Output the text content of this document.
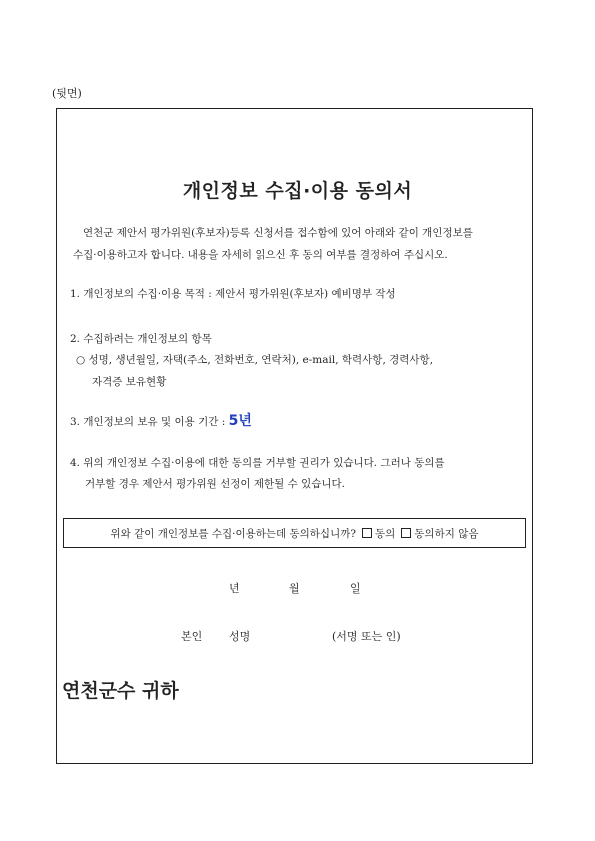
(뒷면)
개인정보 수집·이용 동의서
연천군 제안서 평가위원(후보자)등록 신청서를 접수함에 있어 아래와 같이 개인정보를
수집·이용하고자 합니다. 내용을 자세히 읽으신 후 동의 여부를 결정하여 주십시오.
1. 개인정보의 수집·이용 목적 : 제안서 평가위원(후보자) 예비명부 작성
2. 수집하려는 개인정보의 항목
○ 성명, 생년월일, 자택(주소, 전화번호, 연락처), e-mail, 학력사항, 경력사항,
자격증 보유현황
3. 개인정보의 보유 및 이용 기간 : 5년
4. 위의 개인정보 수집·이용에 대한 동의를 거부할 권리가 있습니다. 그러나 동의를
거부할 경우 제안서 평가위원 선정이 제한될 수 있습니다.
위와 같이 개인정보를 수집·이용하는데 동의하십니까? 동의 동의하지 않음
년	월	일
본인 성명	(서명 또는 인)
연천군수 귀하
